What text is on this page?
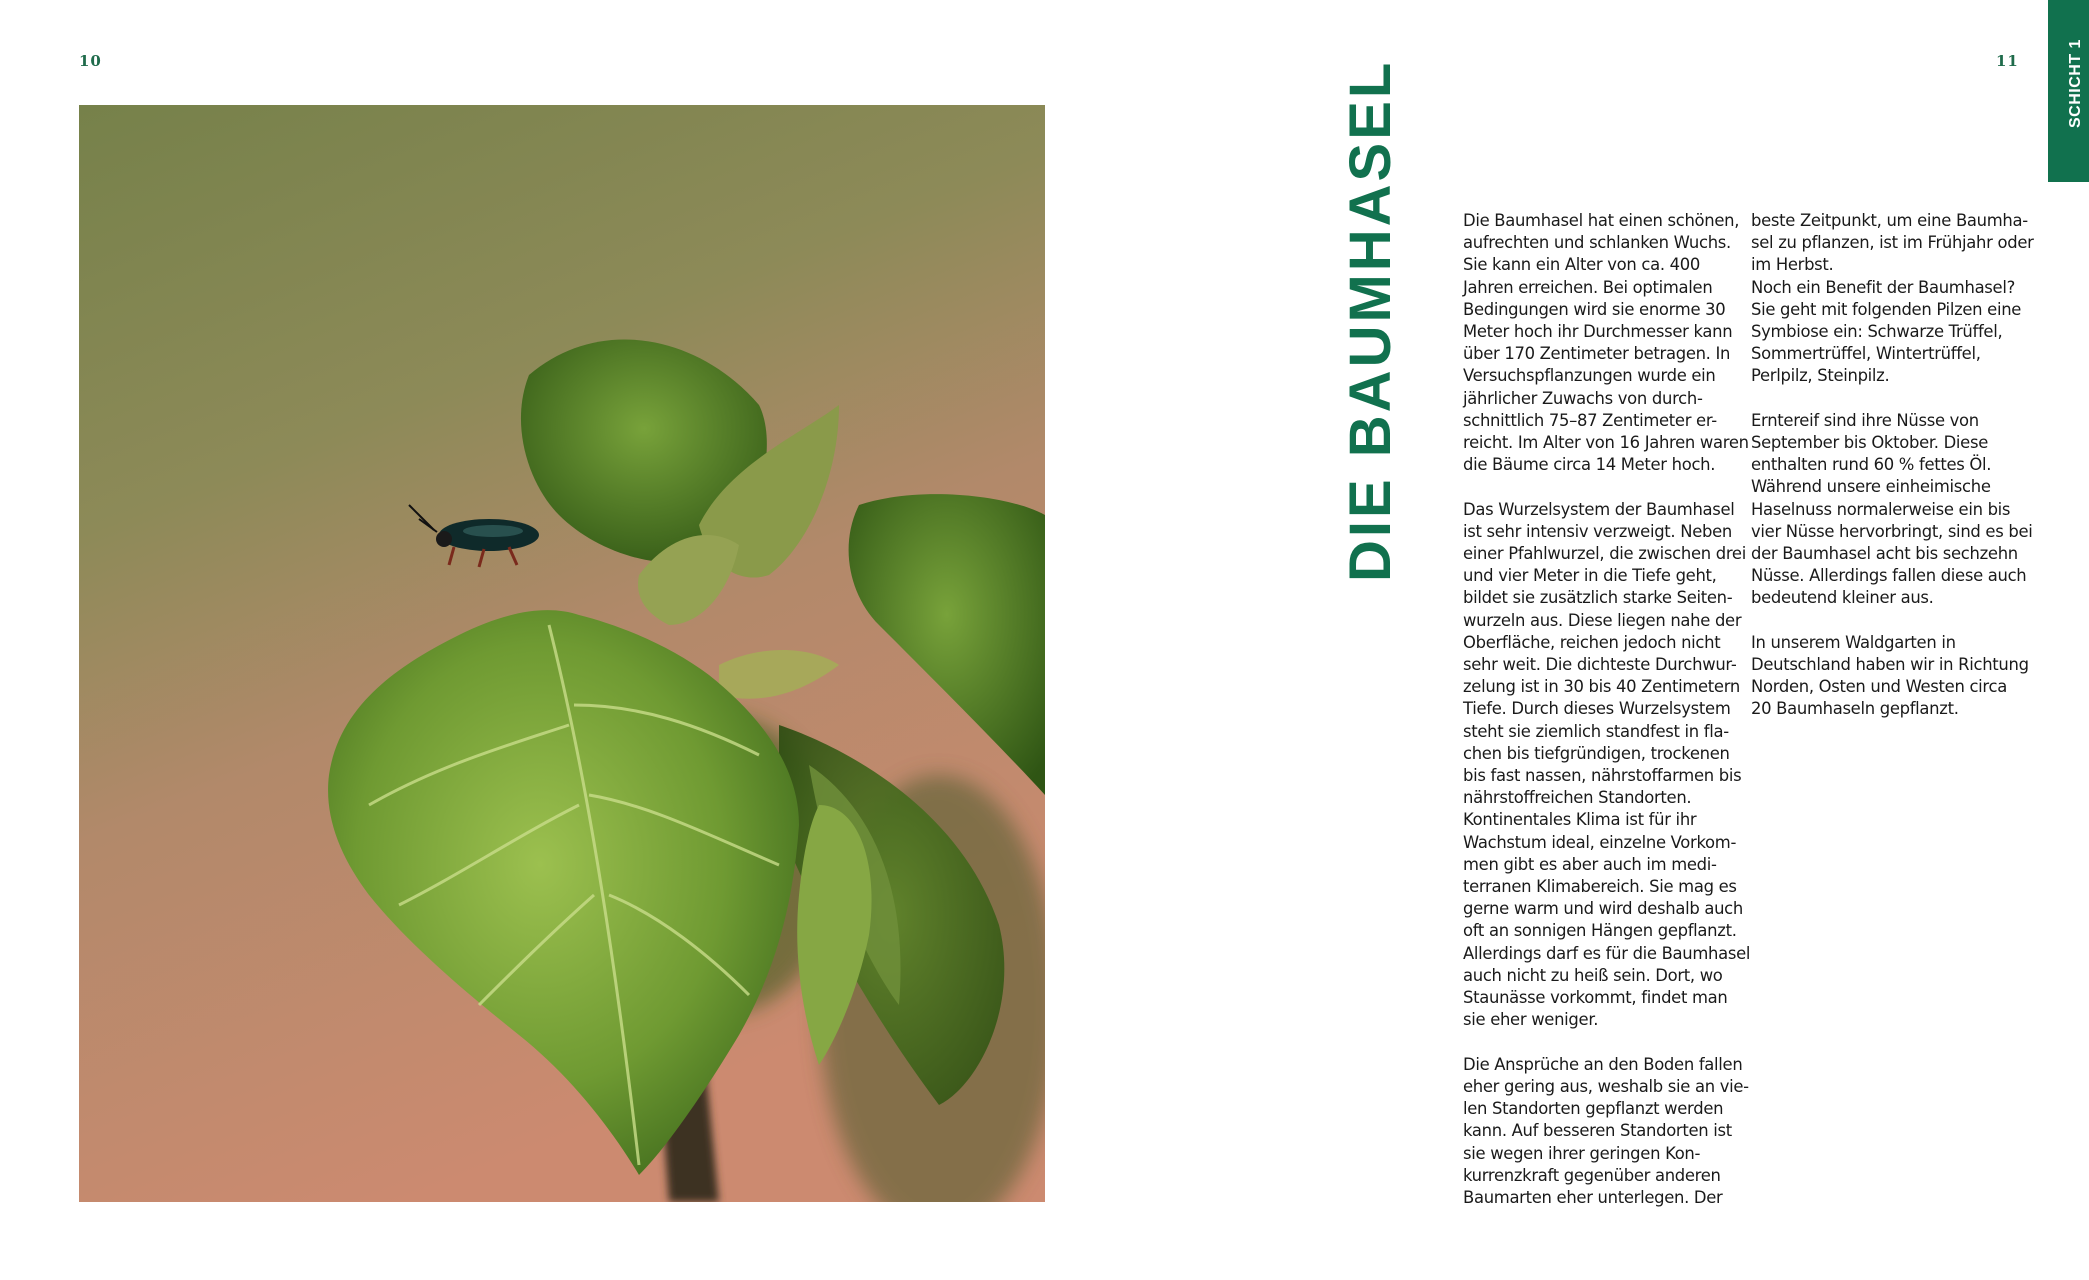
10	11	SCHICHT 1
DIE BAUMHASEL	Die Baumhasel hat einen schönen,
aufrechten und schlanken Wuchs.
Sie kann ein Alter von ca. 400
Jahren erreichen. Bei optimalen
Bedingungen wird sie enorme 30
Meter hoch ihr Durchmesser kann
über 170 Zentimeter betragen. In
Versuchspflanzungen wurde ein
jährlicher Zuwachs von durch-
schnittlich 75–87 Zentimeter er-
reicht. Im Alter von 16 Jahren waren
die Bäume circa 14 Meter hoch.

Das Wurzelsystem der Baumhasel
ist sehr intensiv verzweigt. Neben
einer Pfahlwurzel, die zwischen drei
und vier Meter in die Tiefe geht,
bildet sie zusätzlich starke Seiten-
wurzeln aus. Diese liegen nahe der
Oberfläche, reichen jedoch nicht
sehr weit. Die dichteste Durchwur-
zelung ist in 30 bis 40 Zentimetern
Tiefe. Durch dieses Wurzelsystem
steht sie ziemlich standfest in fla-
chen bis tiefgründigen, trockenen
bis fast nassen, nährstoffarmen bis
nährstoffreichen Standorten.
Kontinentales Klima ist für ihr
Wachstum ideal, einzelne Vorkom-
men gibt es aber auch im medi-
terranen Klimabereich. Sie mag es
gerne warm und wird deshalb auch
oft an sonnigen Hängen gepflanzt.
Allerdings darf es für die Baumhasel
auch nicht zu heiß sein. Dort, wo
Staunässe vorkommt, findet man
sie eher weniger.

Die Ansprüche an den Boden fallen
eher gering aus, weshalb sie an vie-
len Standorten gepflanzt werden
kann. Auf besseren Standorten ist
sie wegen ihrer geringen Kon-
kurrenzkraft gegenüber anderen
Baumarten eher unterlegen. Der

beste Zeitpunkt, um eine Baumha-
sel zu pflanzen, ist im Frühjahr oder
im Herbst.
Noch ein Benefit der Baumhasel?
Sie geht mit folgenden Pilzen eine
Symbiose ein: Schwarze Trüffel,
Sommertrüffel, Wintertrüffel,
Perlpilz, Steinpilz.

Erntereif sind ihre Nüsse von
September bis Oktober. Diese
enthalten rund 60 % fettes Öl.
Während unsere einheimische
Haselnuss normalerweise ein bis
vier Nüsse hervorbringt, sind es bei
der Baumhasel acht bis sechzehn
Nüsse. Allerdings fallen diese auch
bedeutend kleiner aus.

In unserem Waldgarten in
Deutschland haben wir in Richtung
Norden, Osten und Westen circa
20 Baumhaseln gepflanzt.
